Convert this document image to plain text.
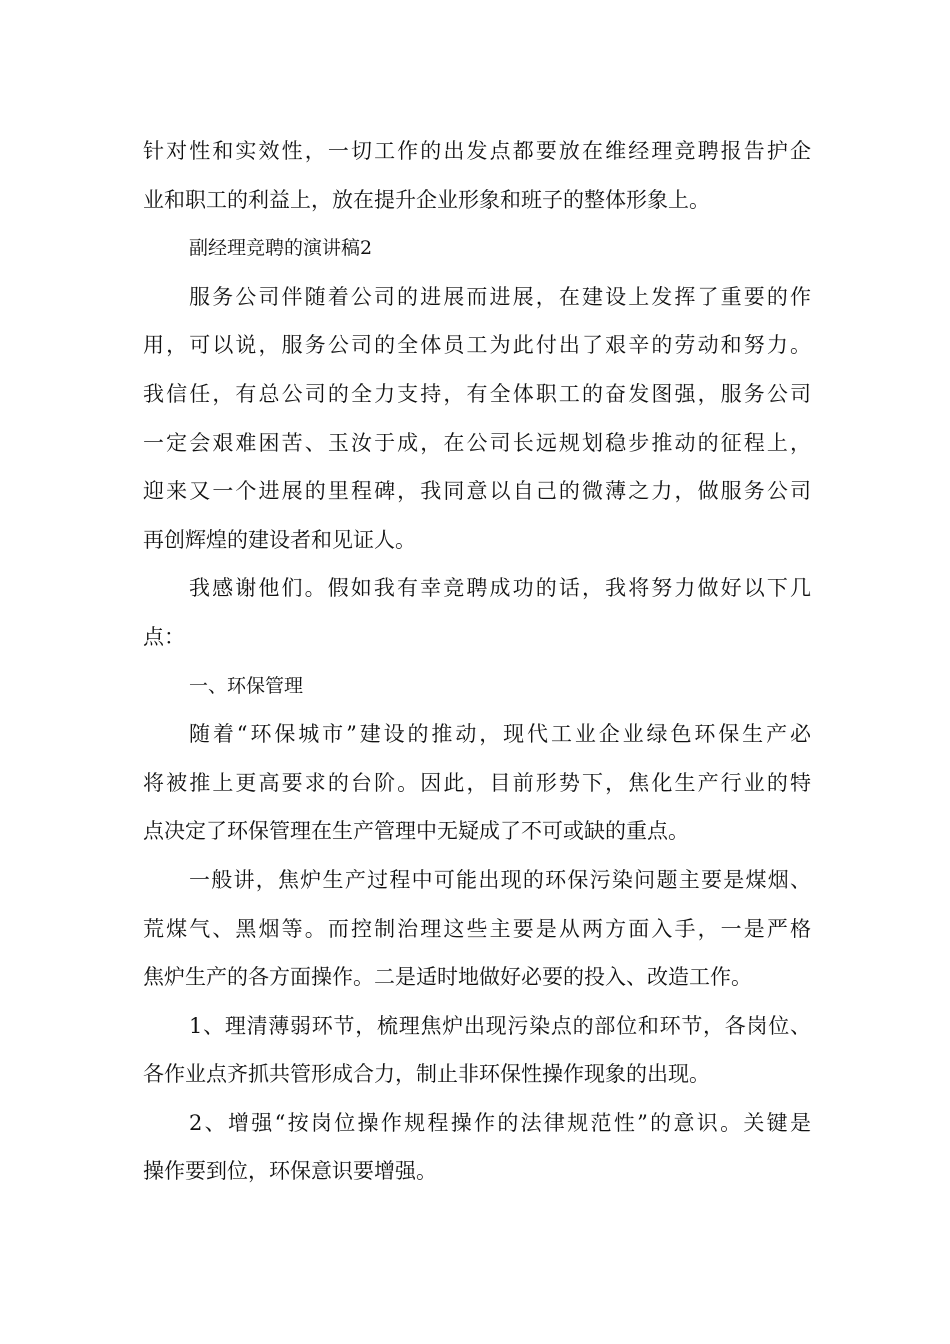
针对性和实效性，一切工作的出发点都要放在维经理竞聘报告护企
业和职工的利益上，放在提升企业形象和班子的整体形象上。
副经理竞聘的演讲稿2
服务公司伴随着公司的进展而进展，在建设上发挥了重要的作
用，可以说，服务公司的全体员工为此付出了艰辛的劳动和努力。
我信任，有总公司的全力支持，有全体职工的奋发图强，服务公司
一定会艰难困苦、玉汝于成，在公司长远规划稳步推动的征程上，
迎来又一个进展的里程碑，我同意以自己的微薄之力，做服务公司
再创辉煌的建设者和见证人。
我感谢他们。假如我有幸竞聘成功的话，我将努力做好以下几
点：
一、环保管理
随着“环保城市”建设的推动，现代工业企业绿色环保生产必
将被推上更高要求的台阶。因此，目前形势下，焦化生产行业的特
点决定了环保管理在生产管理中无疑成了不可或缺的重点。
一般讲，焦炉生产过程中可能出现的环保污染问题主要是煤烟、
荒煤气、黑烟等。而控制治理这些主要是从两方面入手，一是严格
焦炉生产的各方面操作。二是适时地做好必要的投入、改造工作。
1、理清薄弱环节，梳理焦炉出现污染点的部位和环节，各岗位、
各作业点齐抓共管形成合力，制止非环保性操作现象的出现。
2、增强“按岗位操作规程操作的法律规范性”的意识。关键是
操作要到位，环保意识要增强。
